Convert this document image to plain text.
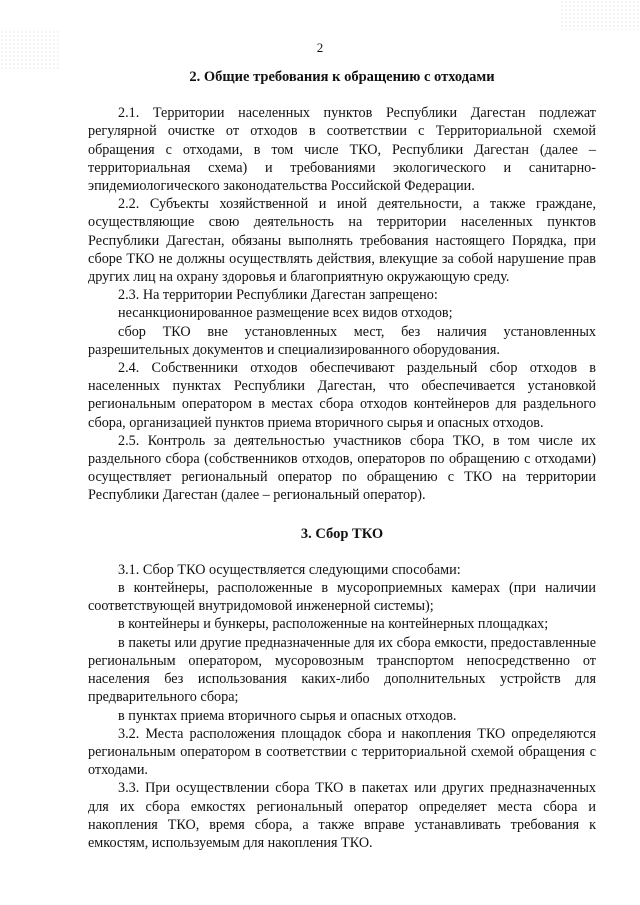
2
2. Общие требования к обращению с отходами

2.1. Территории населенных пунктов Республики Дагестан подлежат регулярной очистке от отходов в соответствии с Территориальной схемой обращения с отходами, в том числе ТКО, Республики Дагестан (далее – территориальная схема) и требованиями экологического и санитарно-эпидемиологического законодательства Российской Федерации.

2.2. Субъекты хозяйственной и иной деятельности, а также граждане, осуществляющие свою деятельность на территории населенных пунктов Республики Дагестан, обязаны выполнять требования настоящего Порядка, при сборе ТКО не должны осуществлять действия, влекущие за собой нарушение прав других лиц на охрану здоровья и благоприятную окружающую среду.

2.3. На территории Республики Дагестан запрещено:

несанкционированное размещение всех видов отходов;

сбор ТКО вне установленных мест, без наличия установленных разрешительных документов и специализированного оборудования.

2.4. Собственники отходов обеспечивают раздельный сбор отходов в населенных пунктах Республики Дагестан, что обеспечивается установкой региональным оператором в местах сбора отходов контейнеров для раздельного сбора, организацией пунктов приема вторичного сырья и опасных отходов.

2.5. Контроль за деятельностью участников сбора ТКО, в том числе их раздельного сбора (собственников отходов, операторов по обращению с отходами) осуществляет региональный оператор по обращению с ТКО на территории Республики Дагестан (далее – региональный оператор).

3. Сбор ТКО

3.1. Сбор ТКО осуществляется следующими способами:

в контейнеры, расположенные в мусороприемных камерах (при наличии соответствующей внутридомовой инженерной системы);

в контейнеры и бункеры, расположенные на контейнерных площадках;

в пакеты или другие предназначенные для их сбора емкости, предоставленные региональным оператором, мусоровозным транспортом непосредственно от населения без использования каких-либо дополнительных устройств для предварительного сбора;

в пунктах приема вторичного сырья и опасных отходов.

3.2. Места расположения площадок сбора и накопления ТКО определяются региональным оператором в соответствии с территориальной схемой обращения с отходами.

3.3. При осуществлении сбора ТКО в пакетах или других предназначенных для их сбора емкостях региональный оператор определяет места сбора и накопления ТКО, время сбора, а также вправе устанавливать требования к емкостям, используемым для накопления ТКО.
